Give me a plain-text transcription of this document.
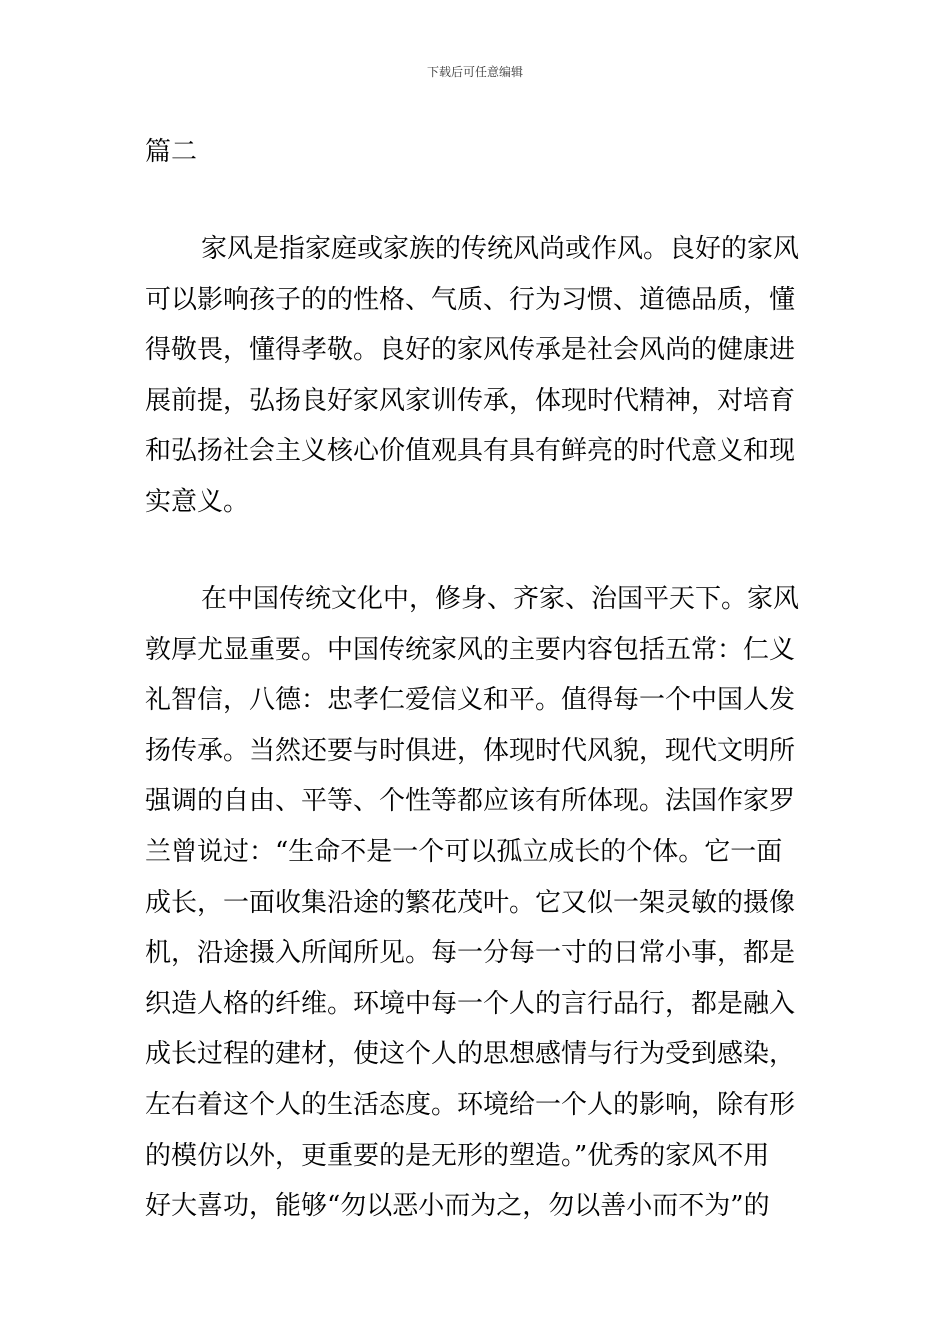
下载后可任意编辑
篇二
家风是指家庭或家族的传统风尚或作风。良好的家风
可以影响孩子的的性格、气质、行为习惯、道德品质，懂
得敬畏，懂得孝敬。良好的家风传承是社会风尚的健康进
展前提，弘扬良好家风家训传承，体现时代精神，对培育
和弘扬社会主义核心价值观具有具有鲜亮的时代意义和现
实意义。
在中国传统文化中，修身、齐家、治国平天下。家风
敦厚尤显重要。中国传统家风的主要内容包括五常：仁义
礼智信，八德：忠孝仁爱信义和平。值得每一个中国人发
扬传承。当然还要与时俱进，体现时代风貌，现代文明所
强调的自由、平等、个性等都应该有所体现。法国作家罗
兰曾说过：“生命不是一个可以孤立成长的个体。它一面
成长，一面收集沿途的繁花茂叶。它又似一架灵敏的摄像
机，沿途摄入所闻所见。每一分每一寸的日常小事，都是
织造人格的纤维。环境中每一个人的言行品行，都是融入
成长过程的建材，使这个人的思想感情与行为受到感染，
左右着这个人的生活态度。环境给一个人的影响，除有形
的模仿以外，更重要的是无形的塑造。”优秀的家风不用
好大喜功，能够“勿以恶小而为之，勿以善小而不为”的
